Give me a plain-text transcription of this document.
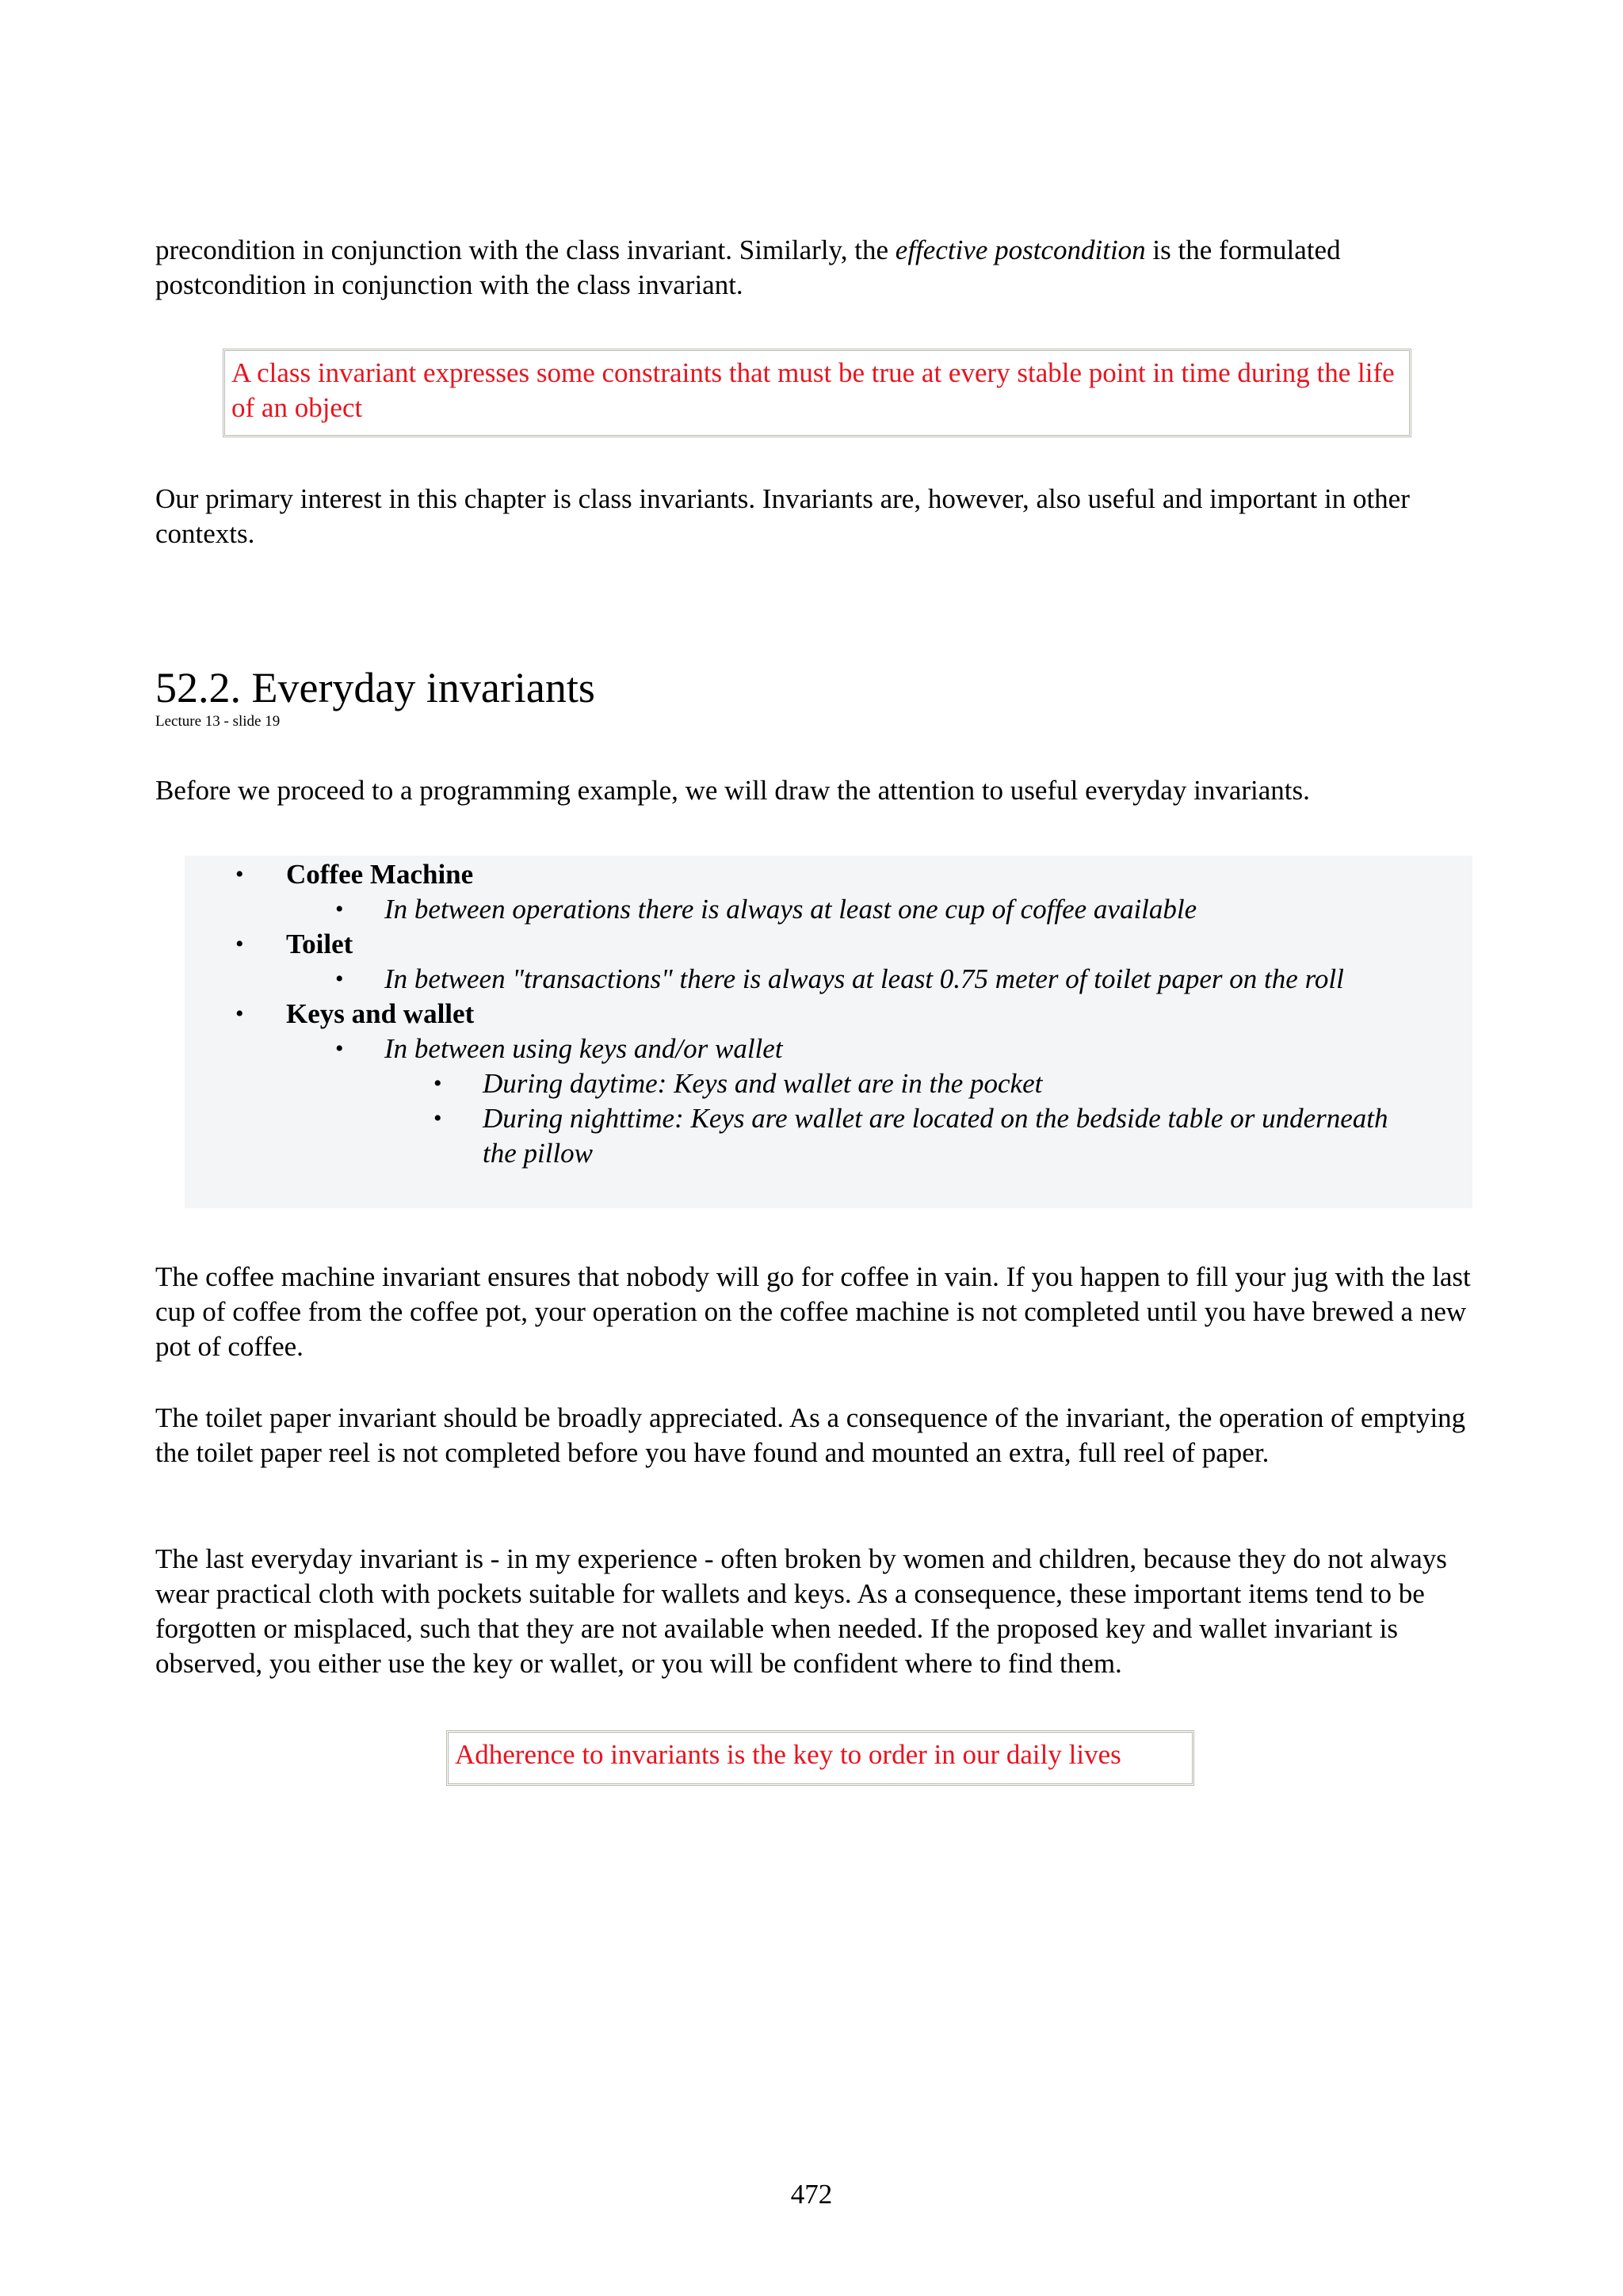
precondition in conjunction with the class invariant. Similarly, the effective postcondition is the formulated
postcondition in conjunction with the class invariant.

A class invariant expresses some constraints that must be true at every stable point in time during the life of an object

Our primary interest in this chapter is class invariants. Invariants are, however, also useful and important in other contexts.

52.2. Everyday invariants
Lecture 13 - slide 19

Before we proceed to a programming example, we will draw the attention to useful everyday invariants.

• Coffee Machine
• In between operations there is always at least one cup of coffee available
• Toilet
• In between "transactions" there is always at least 0.75 meter of toilet paper on the roll
• Keys and wallet
• In between using keys and/or wallet
• During daytime: Keys and wallet are in the pocket
• During nighttime: Keys are wallet are located on the bedside table or underneath
the pillow

The coffee machine invariant ensures that nobody will go for coffee in vain. If you happen to fill your jug with the last cup of coffee from the coffee pot, your operation on the coffee machine is not completed until you have brewed a new pot of coffee.

The toilet paper invariant should be broadly appreciated. As a consequence of the invariant, the operation of emptying the toilet paper reel is not completed before you have found and mounted an extra, full reel of paper.

The last everyday invariant is - in my experience - often broken by women and children, because they do not always wear practical cloth with pockets suitable for wallets and keys. As a consequence, these important items tend to be forgotten or misplaced, such that they are not available when needed. If the proposed key and wallet invariant is observed, you either use the key or wallet, or you will be confident where to find them.

Adherence to invariants is the key to order in our daily lives
472
